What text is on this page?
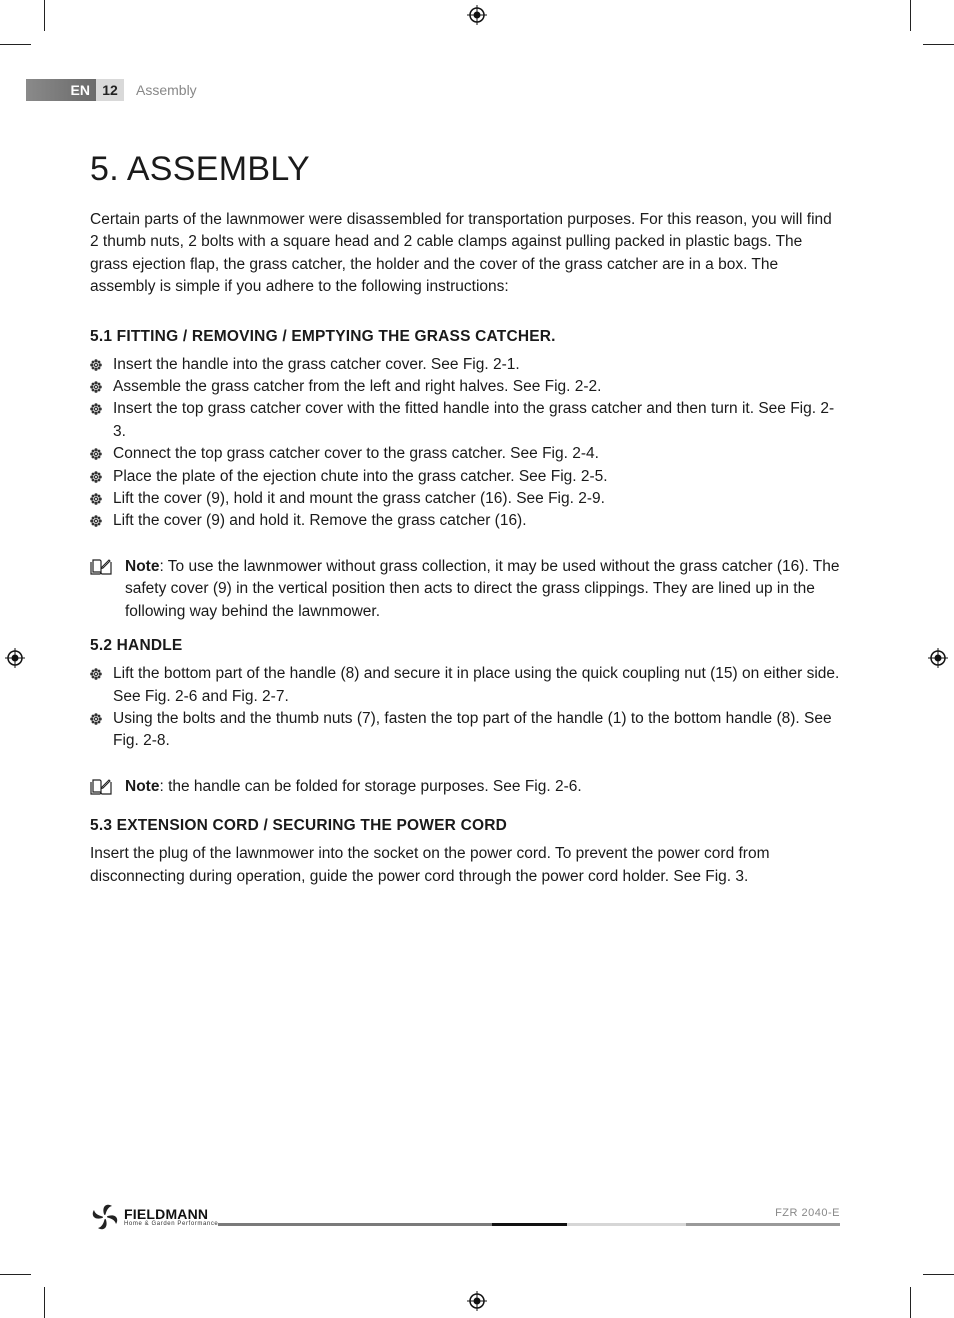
EN 12	Assembly
5. ASSEMBLY

Certain parts of the lawnmower were disassembled for transportation purposes. For this reason, you will find 2 thumb nuts, 2 bolts with a square head and 2 cable clamps against pulling packed in plastic bags. The grass ejection flap, the grass catcher, the holder and the cover of the grass catcher are in a box. The assembly is simple if you adhere to the following instructions:

5.1 FITTING / REMOVING / EMPTYING THE GRASS CATCHER.
Insert the handle into the grass catcher cover. See Fig. 2-1.
Assemble the grass catcher from the left and right halves. See Fig. 2-2.
Insert the top grass catcher cover with the fitted handle into the grass catcher and then turn it. See Fig. 2-3.
Connect the top grass catcher cover to the grass catcher. See Fig. 2-4.
Place the plate of the ejection chute into the grass catcher. See Fig. 2-5.
Lift the cover (9), hold it and mount the grass catcher (16). See Fig. 2-9.
Lift the cover (9) and hold it. Remove the grass catcher (16).
Note: To use the lawnmower without grass collection, it may be used without the grass catcher (16). The safety cover (9) in the vertical position then acts to direct the grass clippings. They are lined up in the following way behind the lawnmower.
5.2 HANDLE
Lift the bottom part of the handle (8) and secure it in place using the quick coupling nut (15) on either side. See Fig. 2-6 and Fig. 2-7.
Using the bolts and the thumb nuts (7), fasten the top part of the handle (1) to the bottom handle (8). See Fig. 2-8.
Note: the handle can be folded for storage purposes. See Fig. 2-6.
5.3 EXTENSION CORD / SECURING THE POWER CORD

Insert the plug of the lawnmower into the socket on the power cord. To prevent the power cord from disconnecting during operation, guide the power cord through the power cord holder. See Fig. 3.

FIELDMANN
Home & Garden Performance
FZR 2040-E
